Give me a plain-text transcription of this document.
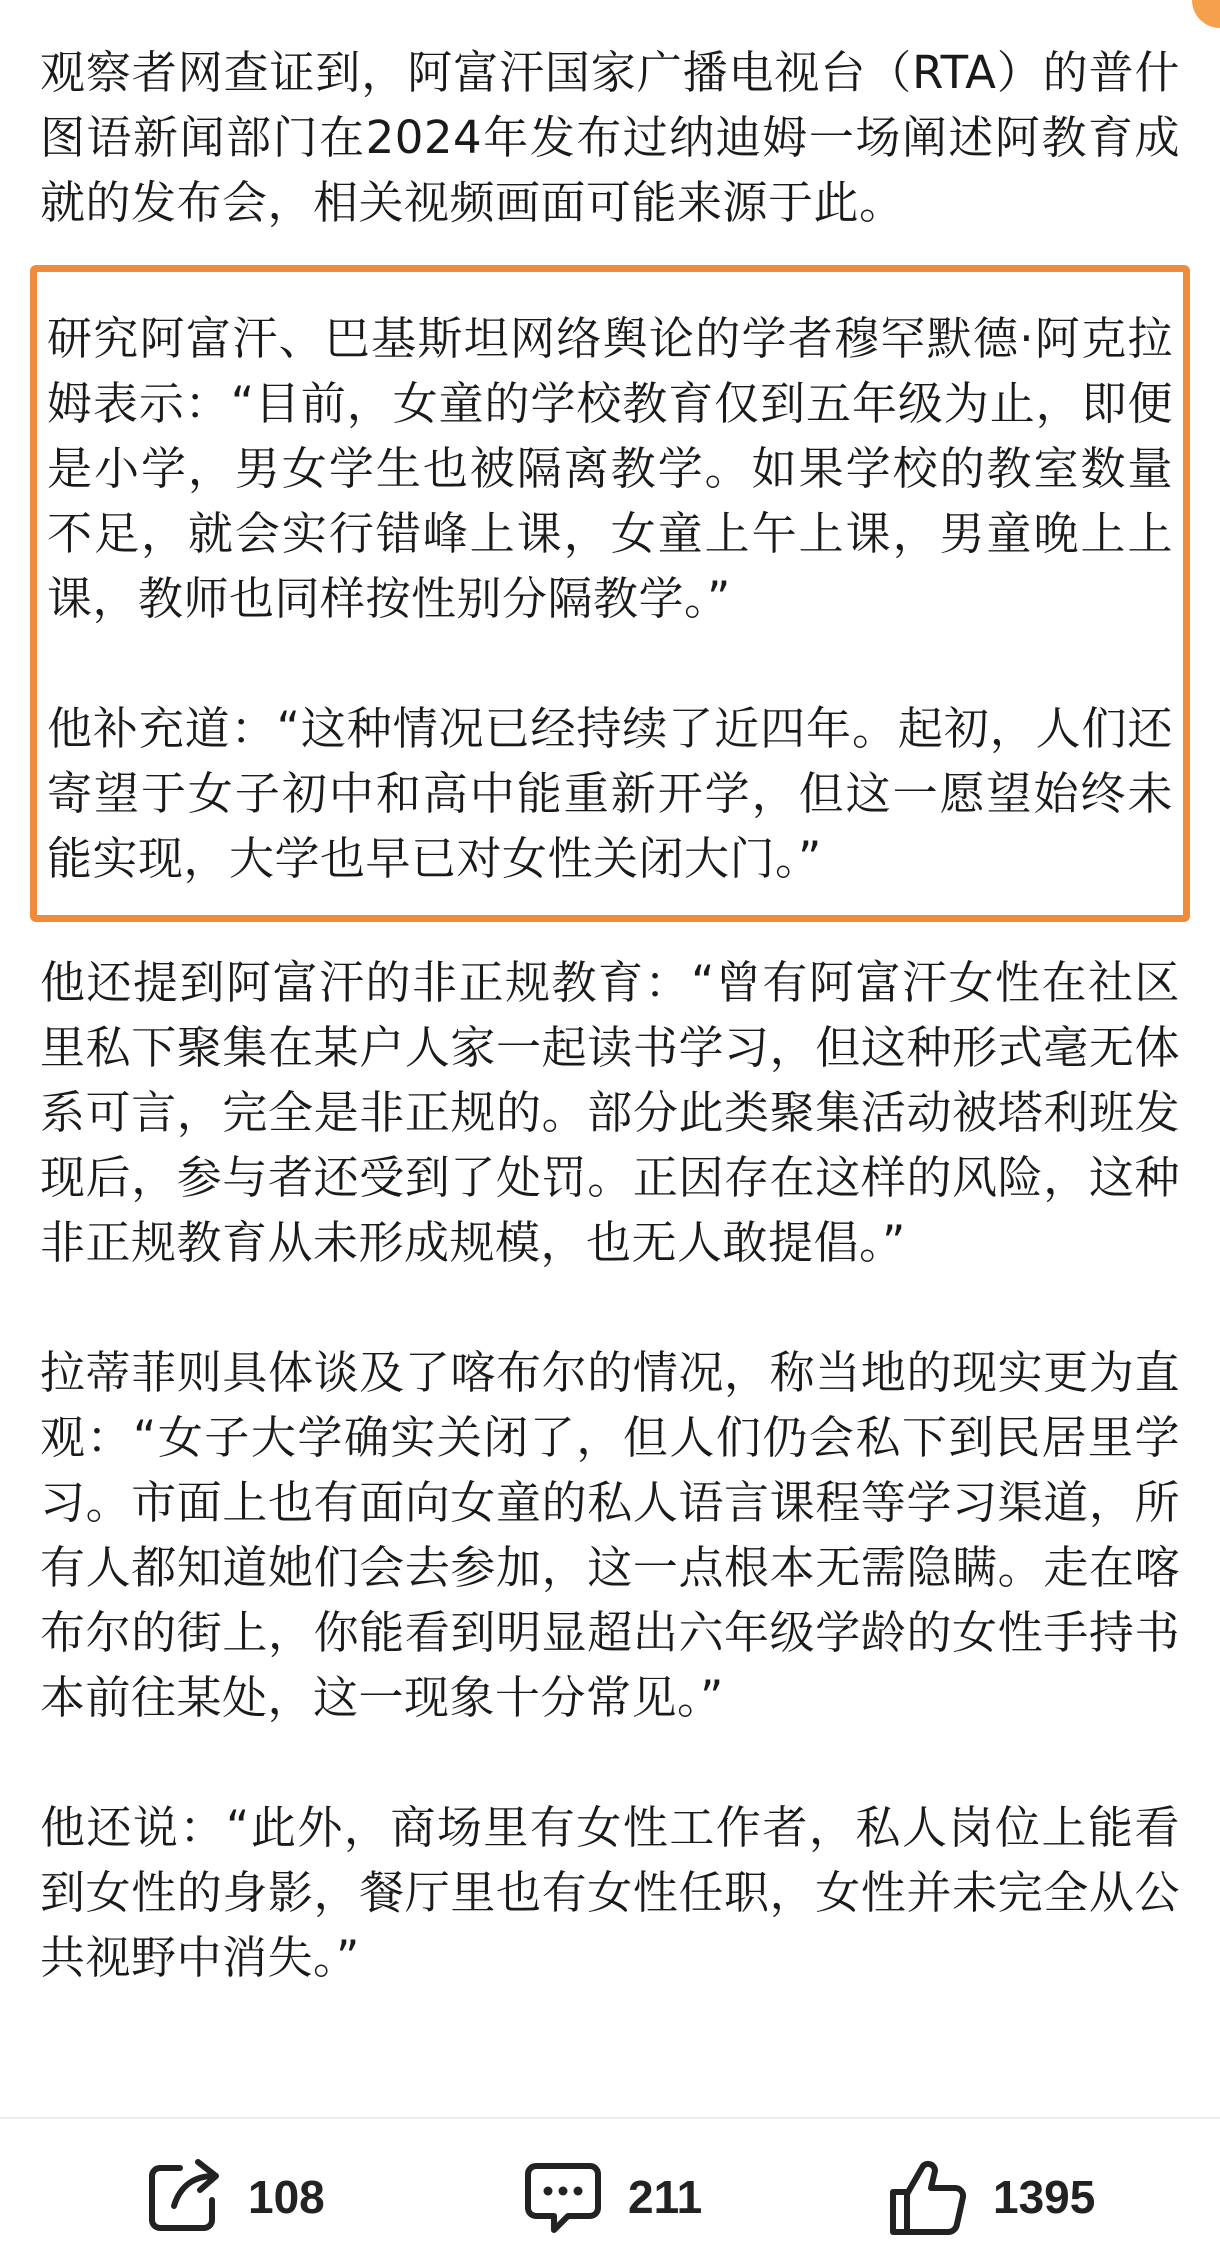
观察者网查证到，阿富汗国家广播电视台（RTA）的普什图语新闻部门在2024年发布过纳迪姆一场阐述阿教育成就的发布会，相关视频画面可能来源于此。

研究阿富汗、巴基斯坦网络舆论的学者穆罕默德·阿克拉姆表示：“目前，女童的学校教育仅到五年级为止，即便是小学，男女学生也被隔离教学。如果学校的教室数量不足，就会实行错峰上课，女童上午上课，男童晚上上课，教师也同样按性别分隔教学。”

他补充道：“这种情况已经持续了近四年。起初，人们还寄望于女子初中和高中能重新开学，但这一愿望始终未能实现，大学也早已对女性关闭大门。”

他还提到阿富汗的非正规教育：“曾有阿富汗女性在社区里私下聚集在某户人家一起读书学习，但这种形式毫无体系可言，完全是非正规的。部分此类聚集活动被塔利班发现后，参与者还受到了处罚。正因存在这样的风险，这种非正规教育从未形成规模，也无人敢提倡。”

拉蒂菲则具体谈及了喀布尔的情况，称当地的现实更为直观：“女子大学确实关闭了，但人们仍会私下到民居里学习。市面上也有面向女童的私人语言课程等学习渠道，所有人都知道她们会去参加，这一点根本无需隐瞒。走在喀布尔的街上，你能看到明显超出六年级学龄的女性手持书本前往某处，这一现象十分常见。”

他还说：“此外，商场里有女性工作者，私人岗位上能看到女性的身影，餐厅里也有女性任职，女性并未完全从公共视野中消失。”

108	211	1395
